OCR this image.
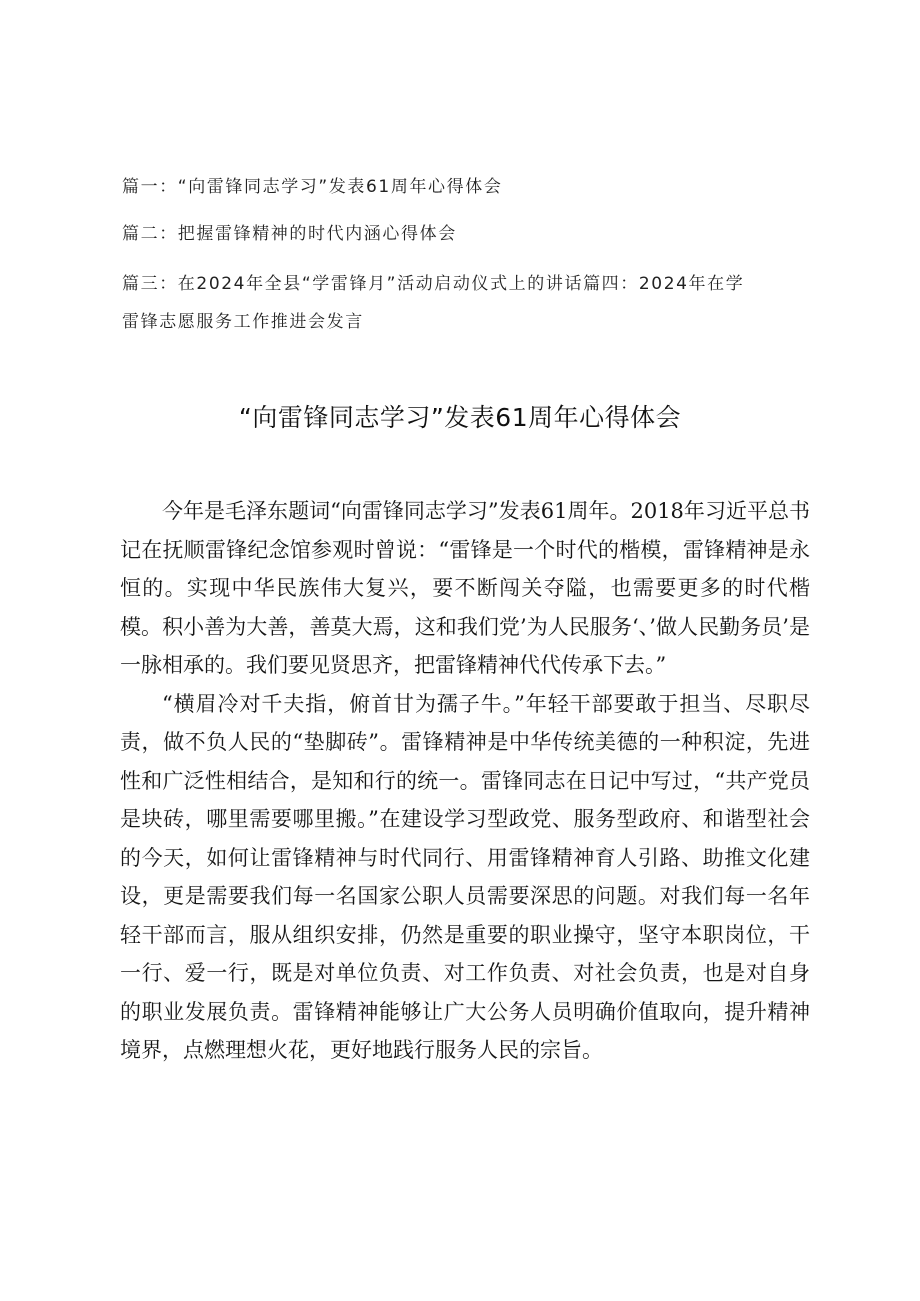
篇一：“向雷锋同志学习”发表61周年心得体会
篇二：把握雷锋精神的时代内涵心得体会
篇三：在2024年全县“学雷锋月”活动启动仪式上的讲话篇四：2024年在学
雷锋志愿服务工作推进会发言
“向雷锋同志学习”发表61周年心得体会

今年是毛泽东题词“向雷锋同志学习”发表61周年。2018年习近平总书记在抚顺雷锋纪念馆参观时曾说：“雷锋是一个时代的楷模，雷锋精神是永恒的。实现中华民族伟大复兴，要不断闯关夺隘，也需要更多的时代楷模。积小善为大善，善莫大焉，这和我们党’为人民服务‘、’做人民勤务员’是一脉相承的。我们要见贤思齐，把雷锋精神代代传承下去。”

“横眉冷对千夫指，俯首甘为孺子牛。”年轻干部要敢于担当、尽职尽责，做不负人民的“垫脚砖”。雷锋精神是中华传统美德的一种积淀，先进性和广泛性相结合，是知和行的统一。雷锋同志在日记中写过，“共产党员是块砖，哪里需要哪里搬。”在建设学习型政党、服务型政府、和谐型社会的今天，如何让雷锋精神与时代同行、用雷锋精神育人引路、助推文化建设，更是需要我们每一名国家公职人员需要深思的问题。对我们每一名年轻干部而言，服从组织安排，仍然是重要的职业操守，坚守本职岗位，干一行、爱一行，既是对单位负责、对工作负责、对社会负责，也是对自身的职业发展负责。雷锋精神能够让广大公务人员明确价值取向，提升精神境界，点燃理想火花，更好地践行服务人民的宗旨。
